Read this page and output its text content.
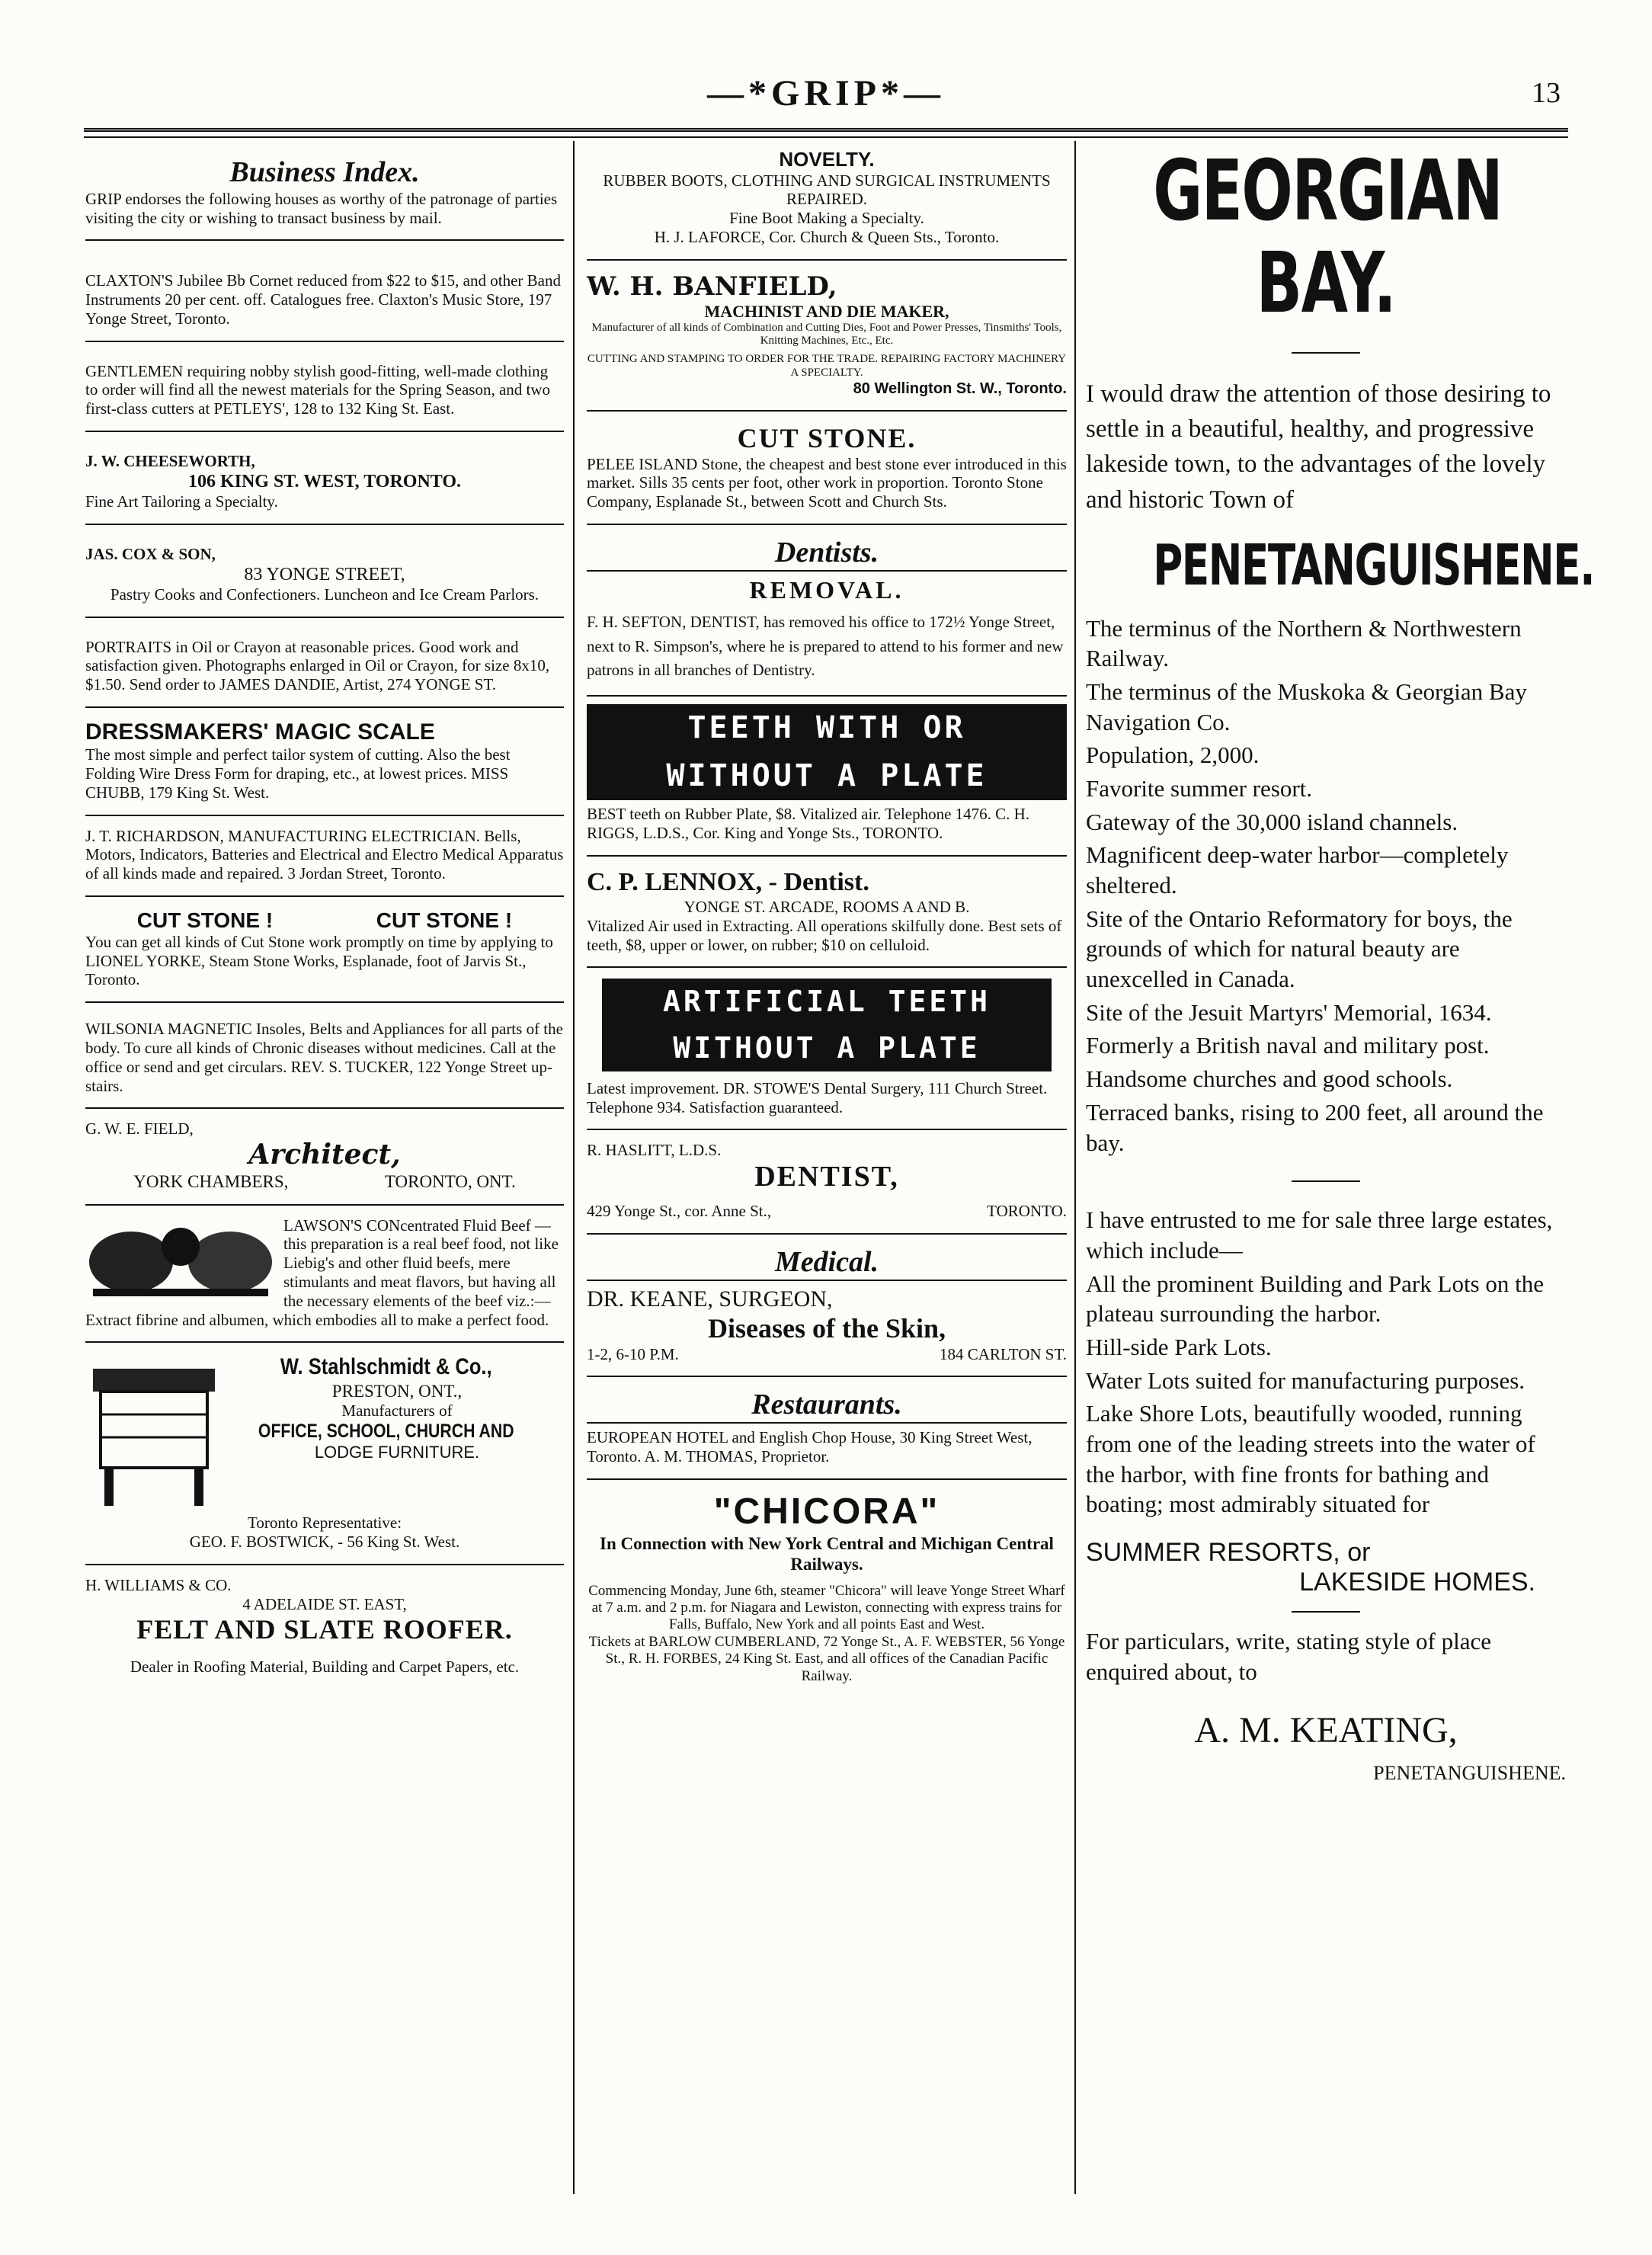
—*GRIP*—	13
Business Index.
GRIP endorses the following houses as worthy of the patronage of parties visiting the city or wishing to transact business by mail.
CLAXTON'S Jubilee Bb Cornet reduced from $22 to $15, and other Band Instruments 20 per cent. off. Catalogues free. Claxton's Music Store, 197 Yonge Street, Toronto.
GENTLEMEN requiring nobby stylish good-fitting, well-made clothing to order will find all the newest materials for the Spring Season, and two first-class cutters at PETLEYS', 128 to 132 King St. East.
J. W. CHEESEWORTH,
106 KING ST. WEST, TORONTO.
Fine Art Tailoring a Specialty.
JAS. COX & SON,
83 YONGE STREET,
Pastry Cooks and Confectioners. Luncheon and Ice Cream Parlors.
PORTRAITS in Oil or Crayon at reasonable prices. Good work and satisfaction given. Photographs enlarged in Oil or Crayon, for size 8x10, $1.50. Send order to JAMES DANDIE, Artist, 274 YONGE ST.
DRESSMAKERS' MAGIC SCALE
The most simple and perfect tailor system of cutting. Also the best Folding Wire Dress Form for draping, etc., at lowest prices. MISS CHUBB, 179 King St. West.
J. T. RICHARDSON, MANUFACTURING ELECTRICIAN. Bells, Motors, Indicators, Batteries and Electrical and Electro Medical Apparatus of all kinds made and repaired. 3 Jordan Street, Toronto.
CUT STONE !	CUT STONE !
You can get all kinds of Cut Stone work promptly on time by applying to LIONEL YORKE, Steam Stone Works, Esplanade, foot of Jarvis St., Toronto.
WILSONIA MAGNETIC Insoles, Belts and Appliances for all parts of the body. To cure all kinds of Chronic diseases without medicines. Call at the office or send and get circulars. REV. S. TUCKER, 122 Yonge Street up-stairs.
G. W. E. FIELD,
Architect,
YORK CHAMBERS,	TORONTO, ONT.
LAWSON'S CONcentrated Fluid Beef —this preparation is a real beef food, not like Liebig's and other fluid beefs, mere stimulants and meat flavors, but having all the necessary elements of the beef viz.:—Extract fibrine and albumen, which embodies all to make a perfect food.
W. Stahlschmidt & Co.,
PRESTON, ONT.,
Manufacturers of
OFFICE, SCHOOL, CHURCH AND
LODGE FURNITURE.
Toronto Representative:
GEO. F. BOSTWICK, - 56 King St. West.
H. WILLIAMS & CO.
4 ADELAIDE ST. EAST,
FELT AND SLATE ROOFER.
Dealer in Roofing Material, Building and Carpet Papers, etc.
NOVELTY.
RUBBER BOOTS, CLOTHING AND SURGICAL INSTRUMENTS REPAIRED.
Fine Boot Making a Specialty.
H. J. LAFORCE, Cor. Church & Queen Sts., Toronto.
W. H. BANFIELD,
MACHINIST AND DIE MAKER,
Manufacturer of all kinds of Combination and Cutting Dies, Foot and Power Presses, Tinsmiths' Tools, Knitting Machines, Etc., Etc.
CUTTING AND STAMPING TO ORDER FOR THE TRADE. REPAIRING FACTORY MACHINERY A SPECIALTY.
80 Wellington St. W., Toronto.
CUT STONE.
PELEE ISLAND Stone, the cheapest and best stone ever introduced in this market. Sills 35 cents per foot, other work in proportion. Toronto Stone Company, Esplanade St., between Scott and Church Sts.
Dentists.
REMOVAL.
F. H. SEFTON, DENTIST, has removed his office to 172½ Yonge Street, next to R. Simpson's, where he is prepared to attend to his former and new patrons in all branches of Dentistry.
TEETH WITH OR
WITHOUT A PLATE
BEST teeth on Rubber Plate, $8. Vitalized air. Telephone 1476. C. H. RIGGS, L.D.S., Cor. King and Yonge Sts., TORONTO.
C. P. LENNOX, - Dentist.
YONGE ST. ARCADE, ROOMS A AND B.
Vitalized Air used in Extracting. All operations skilfully done. Best sets of teeth, $8, upper or lower, on rubber; $10 on celluloid.
ARTIFICIAL TEETH
WITHOUT A PLATE
Latest improvement. DR. STOWE'S Dental Surgery, 111 Church Street. Telephone 934. Satisfaction guaranteed.
R. HASLITT, L.D.S.
DENTIST,
429 Yonge St., cor. Anne St.,	TORONTO.
Medical.
DR. KEANE, SURGEON,
Diseases of the Skin,
1-2, 6-10 P.M.	184 CARLTON ST.
Restaurants.
EUROPEAN HOTEL and English Chop House, 30 King Street West, Toronto. A. M. THOMAS, Proprietor.
"CHICORA"
In Connection with New York Central and Michigan Central Railways.
Commencing Monday, June 6th, steamer "Chicora" will leave Yonge Street Wharf at 7 a.m. and 2 p.m. for Niagara and Lewiston, connecting with express trains for Falls, Buffalo, New York and all points East and West.
Tickets at BARLOW CUMBERLAND, 72 Yonge St., A. F. WEBSTER, 56 Yonge St., R. H. FORBES, 24 King St. East, and all offices of the Canadian Pacific Railway.
GEORGIAN BAY.

I would draw the attention of those desiring to settle in a beautiful, healthy, and progressive lakeside town, to the advantages of the lovely and historic Town of

PENETANGUISHENE.

The terminus of the Northern & Northwestern Railway.

The terminus of the Muskoka & Georgian Bay Navigation Co.

Population, 2,000.

Favorite summer resort.

Gateway of the 30,000 island channels.

Magnificent deep-water harbor—completely sheltered.

Site of the Ontario Reformatory for boys, the grounds of which for natural beauty are unexcelled in Canada.

Site of the Jesuit Martyrs' Memorial, 1634.

Formerly a British naval and military post.

Handsome churches and good schools.

Terraced banks, rising to 200 feet, all around the bay.

I have entrusted to me for sale three large estates, which include—

All the prominent Building and Park Lots on the plateau surrounding the harbor.

Hill-side Park Lots.

Water Lots suited for manufacturing purposes.

Lake Shore Lots, beautifully wooded, running from one of the leading streets into the water of the harbor, with fine fronts for bathing and boating; most admirably situated for

SUMMER RESORTS, or
LAKESIDE HOMES.

For particulars, write, stating style of place enquired about, to

A. M. KEATING,
PENETANGUISHENE.
